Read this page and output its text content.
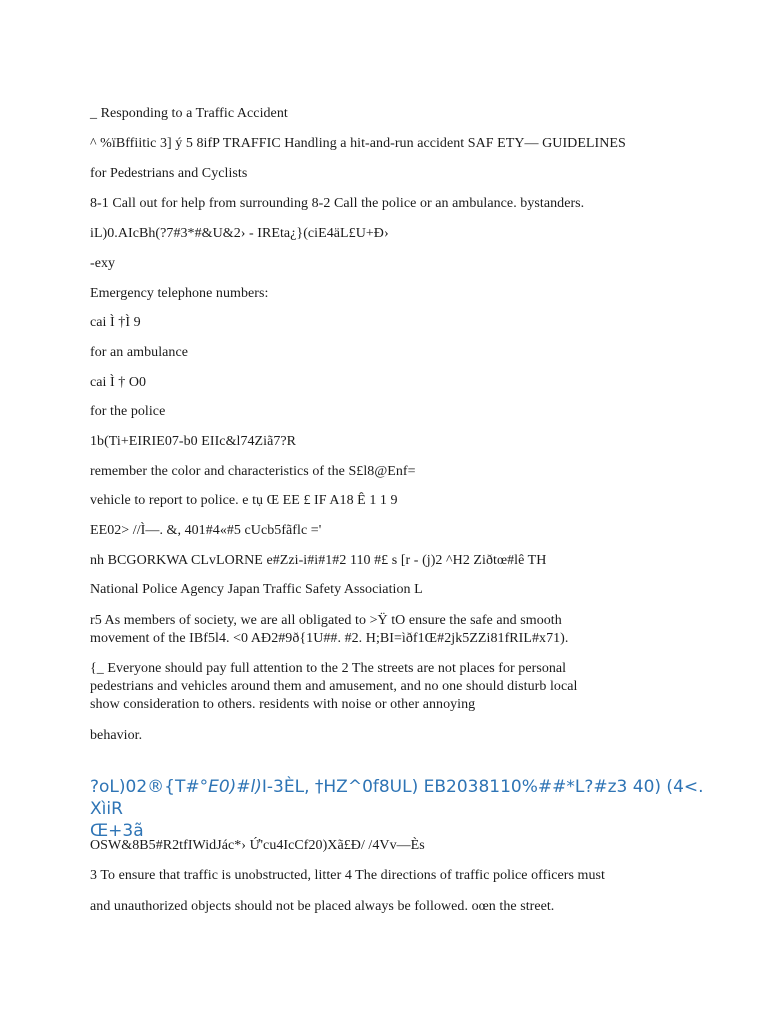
_ Responding to a Traffic Accident
^ %ïBffiitic 3] ý 5 8ifP TRAFFIC Handling a hit-and-run accident SAF ETY— GUIDELINES
for Pedestrians and Cyclists
8-1 Call out for help from surrounding 8-2 Call the police or an ambulance. bystanders.
iL)0.AIcBh(?7#3*#&U&2› - IREta¿}(ciE4äL£U+Ð›
-exy
Emergency telephone numbers:
cai Ì †Ì 9
for an ambulance
cai Ì † O0
for the police
1b(Ti+EIRIE07-b0 EIIc&l74Ziã7?R
remember the color and characteristics of the S£l8@Enf=
vehicle to report to police. e tụ Œ EE £ IF A18 Ê 1 1 9
EE02> //Ì—. &, 401#4«#5 cUcb5fãflc ='
nh BCGORKWA CLvLORNE e#Zzi-i#i#1#2 110 #£ s [r - (j)2 ^H2 Ziðtœ#lê TH
National Police Agency Japan Traffic Safety Association L
r5 As members of society, we are all obligated to >Ÿ tO ensure the safe and smooth
movement of the IBf5l4. <0 AÐ2#9ð{1U##. #2. H;BI=ìðf1Œ#2jk5ZZi81fRIL#x71).
{_ Everyone should pay full attention to the 2 The streets are not places for personal
pedestrians and vehicles around them and amusement, and no one should disturb local
show consideration to others. residents with noise or other annoying
behavior.
?oL)02®{T#°E0)#l)I-3ÈL, †HZ^0f8UL) EB2038110%##*L?#z3 40) (4<. XìiR
Œ+3ã
OSW&8B5#R2tfIWidJác*› Ứ'cu4IcCf20)Xã£Ð/ /4Vv—Ès
3 To ensure that traffic is unobstructed, litter 4 The directions of traffic police officers must
and unauthorized objects should not be placed always be followed. oœn the street.
